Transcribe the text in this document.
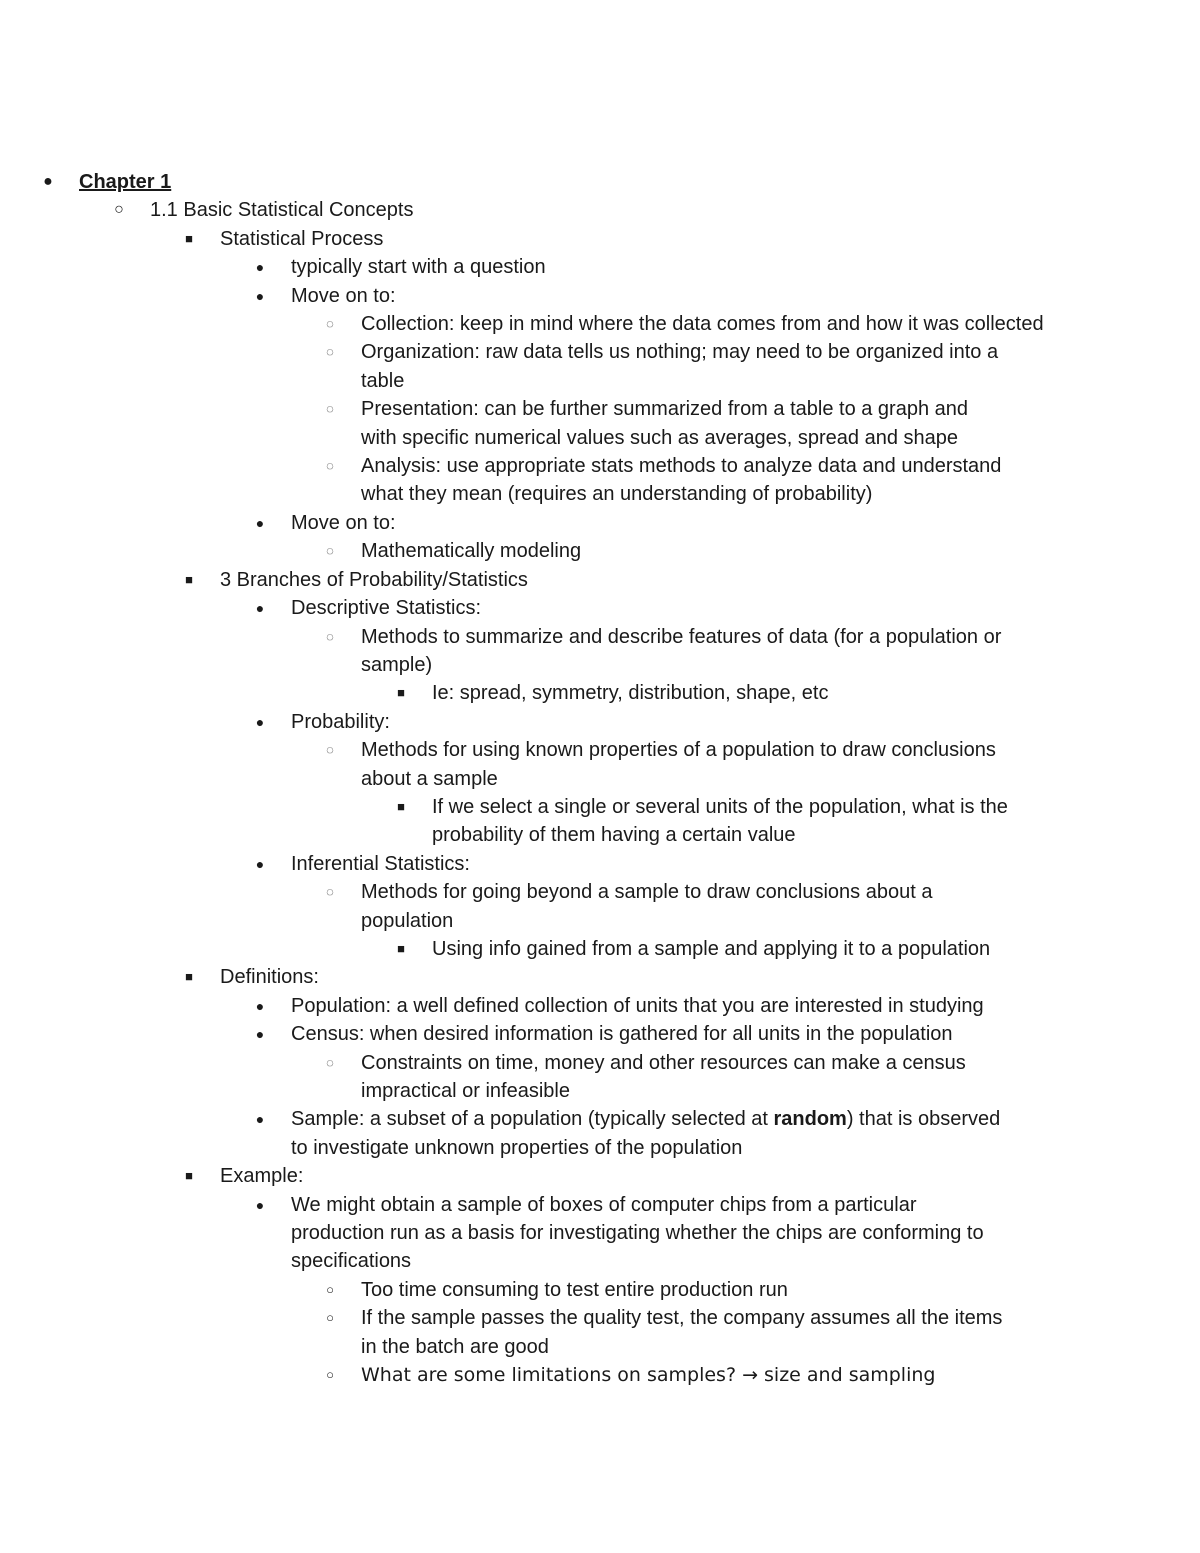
● Chapter 1
○ 1.1 Basic Statistical Concepts
■	Statistical Process
● typically start with a question
● Move on to:
◌	Collection: keep in mind where the data comes from and how it was collected
◌	Organization: raw data tells us nothing; may need to be organized into a
table
◌	Presentation: can be further summarized from a table to a graph and
with specific numerical values such as averages, spread and shape
◌	Analysis: use appropriate stats methods to analyze data and understand
what they mean (requires an understanding of probability)
● Move on to:
◌	Mathematically modeling
■	3 Branches of Probability/Statistics
● Descriptive Statistics:
◌	Methods to summarize and describe features of data (for a population or
sample)
■	Ie: spread, symmetry, distribution, shape, etc
● Probability:
◌	Methods for using known properties of a population to draw conclusions
about a sample
■	If we select a single or several units of the population, what is the
probability of them having a certain value
● Inferential Statistics:
◌	Methods for going beyond a sample to draw conclusions about a
population
■	Using info gained from a sample and applying it to a population
■	Definitions:
● Population: a well defined collection of units that you are interested in studying
● Census: when desired information is gathered for all units in the population
◌	Constraints on time, money and other resources can make a census
impractical or infeasible
● Sample: a subset of a population (typically selected at random) that is observed
to investigate unknown properties of the population
■	Example:
● We might obtain a sample of boxes of computer chips from a particular
production run as a basis for investigating whether the chips are conforming to
specifications
○	Too time consuming to test entire production run
○	If the sample passes the quality test, the company assumes all the items
in the batch are good
○	What are some limitations on samples? → size and sampling
